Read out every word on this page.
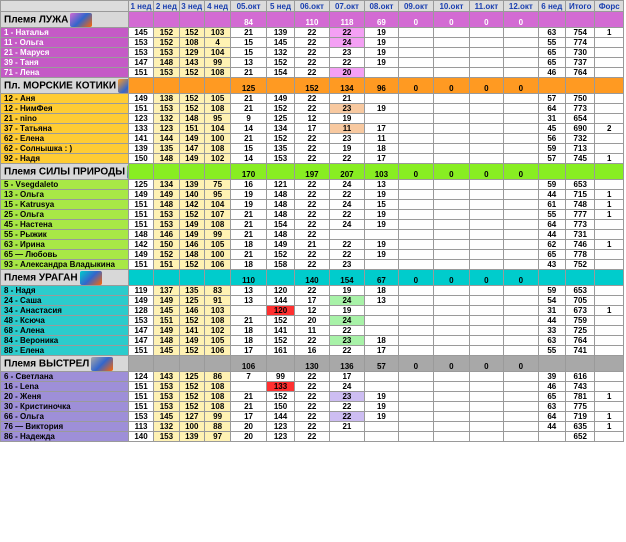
	1 нед	2 нед	3 нед	4 нед	05.окт	5 нед	06.окт	07.окт	08.окт	09.окт	10.окт	11.окт	12.окт	6 нед	Итого	Форс
Племя ЛУЖА					84		110	118	69	0	0	0	0			
1 - Наталья	145	152	152	103	21	139	22	22	19					63	754	1
11 - Ольга	153	152	108	4	15	145	22	24	19					55	774	
21 - Маруся	153	153	129	104	15	132	22	23	19					65	730	
39 - Таня	147	148	143	99	13	152	22	22	19					65	737	
71 - Лена	151	153	152	108	21	154	22	20						46	764	
Пл. МОРСКИЕ КОТИКИ					125		152	134	96	0	0	0	0			
12 - Аня	149	138	152	105	21	149	22	21						57	750	
12 - НимФея	151	153	152	108	21	152	22	23	19					64	773	
21 - nino	123	132	148	95	9	125	12	19						31	654	
37 - Татьяна	133	123	151	104	14	134	17	11	17					45	690	2
62 - Елена	141	144	149	100	21	152	22	23	11					56	732	
62 - Солнышка : )	139	135	147	108	15	135	22	19	18					59	713	
92 - Надя	150	148	149	102	14	153	22	22	17					57	745	1
Племя СИЛЫ ПРИРОДЫ					170		197	207	103	0	0	0	0			
5 - Vsegdaleto	125	134	139	75	16	121	22	24	13					59	653	
13 - Ольга	149	149	140	95	19	148	22	22	19					44	715	1
15 - Katrusya	151	148	142	104	19	148	22	24	15					61	748	1
25 - Ольга	151	153	152	107	21	148	22	22	19					55	777	1
45 - Настена	151	153	149	108	21	154	22	24	19					64	773	
55 - Рыжик	148	146	149	99	21	148	22							44	731	
63 - Ирина	142	150	146	105	18	149	21	22	19					62	746	1
65 — Любовь	149	152	148	100	21	152	22	22	19					65	778	
93 - Александра Владыкина	151	151	152	106	18	158	22	23						43	752	
Племя УРАГАН					110		140	154	67	0	0	0	0			
8 - Надя	119	137	135	83	13	120	22	19	18					59	653	
24 - Саша	149	149	125	91	13	144	17	24	13					54	705	
34 - Анастасия	128	145	146	103		120	12	19						31	673	1
48 - Ксюча	153	151	152	108	21	152	20	24						44	759	
68 - Алена	147	149	141	102	18	141	11	22						33	725	
84 - Вероника	147	148	149	105	18	152	22	23	18					63	764	
88 - Елена	151	145	152	106	17	161	16	22	17					55	741	
Племя ВЫСТРЕЛ					106		130	136	57	0	0	0	0			
6 - Светлана	124	143	125	86	7	99	22	17						39	616	
16 - Lena	151	153	152	108		133	22	24						46	743	
20 - Женя	151	153	152	108	21	152	22	23	19					65	781	1
30 - Кристиночка	151	153	152	108	21	150	22	22	19					63	775	
66 - Ольга	153	145	127	99	17	144	22	22	19					64	719	1
76 — Виктория	113	132	100	88	20	123	22	21						44	635	1
86 - Надежда	140	153	139	97	20	123	22								652	
